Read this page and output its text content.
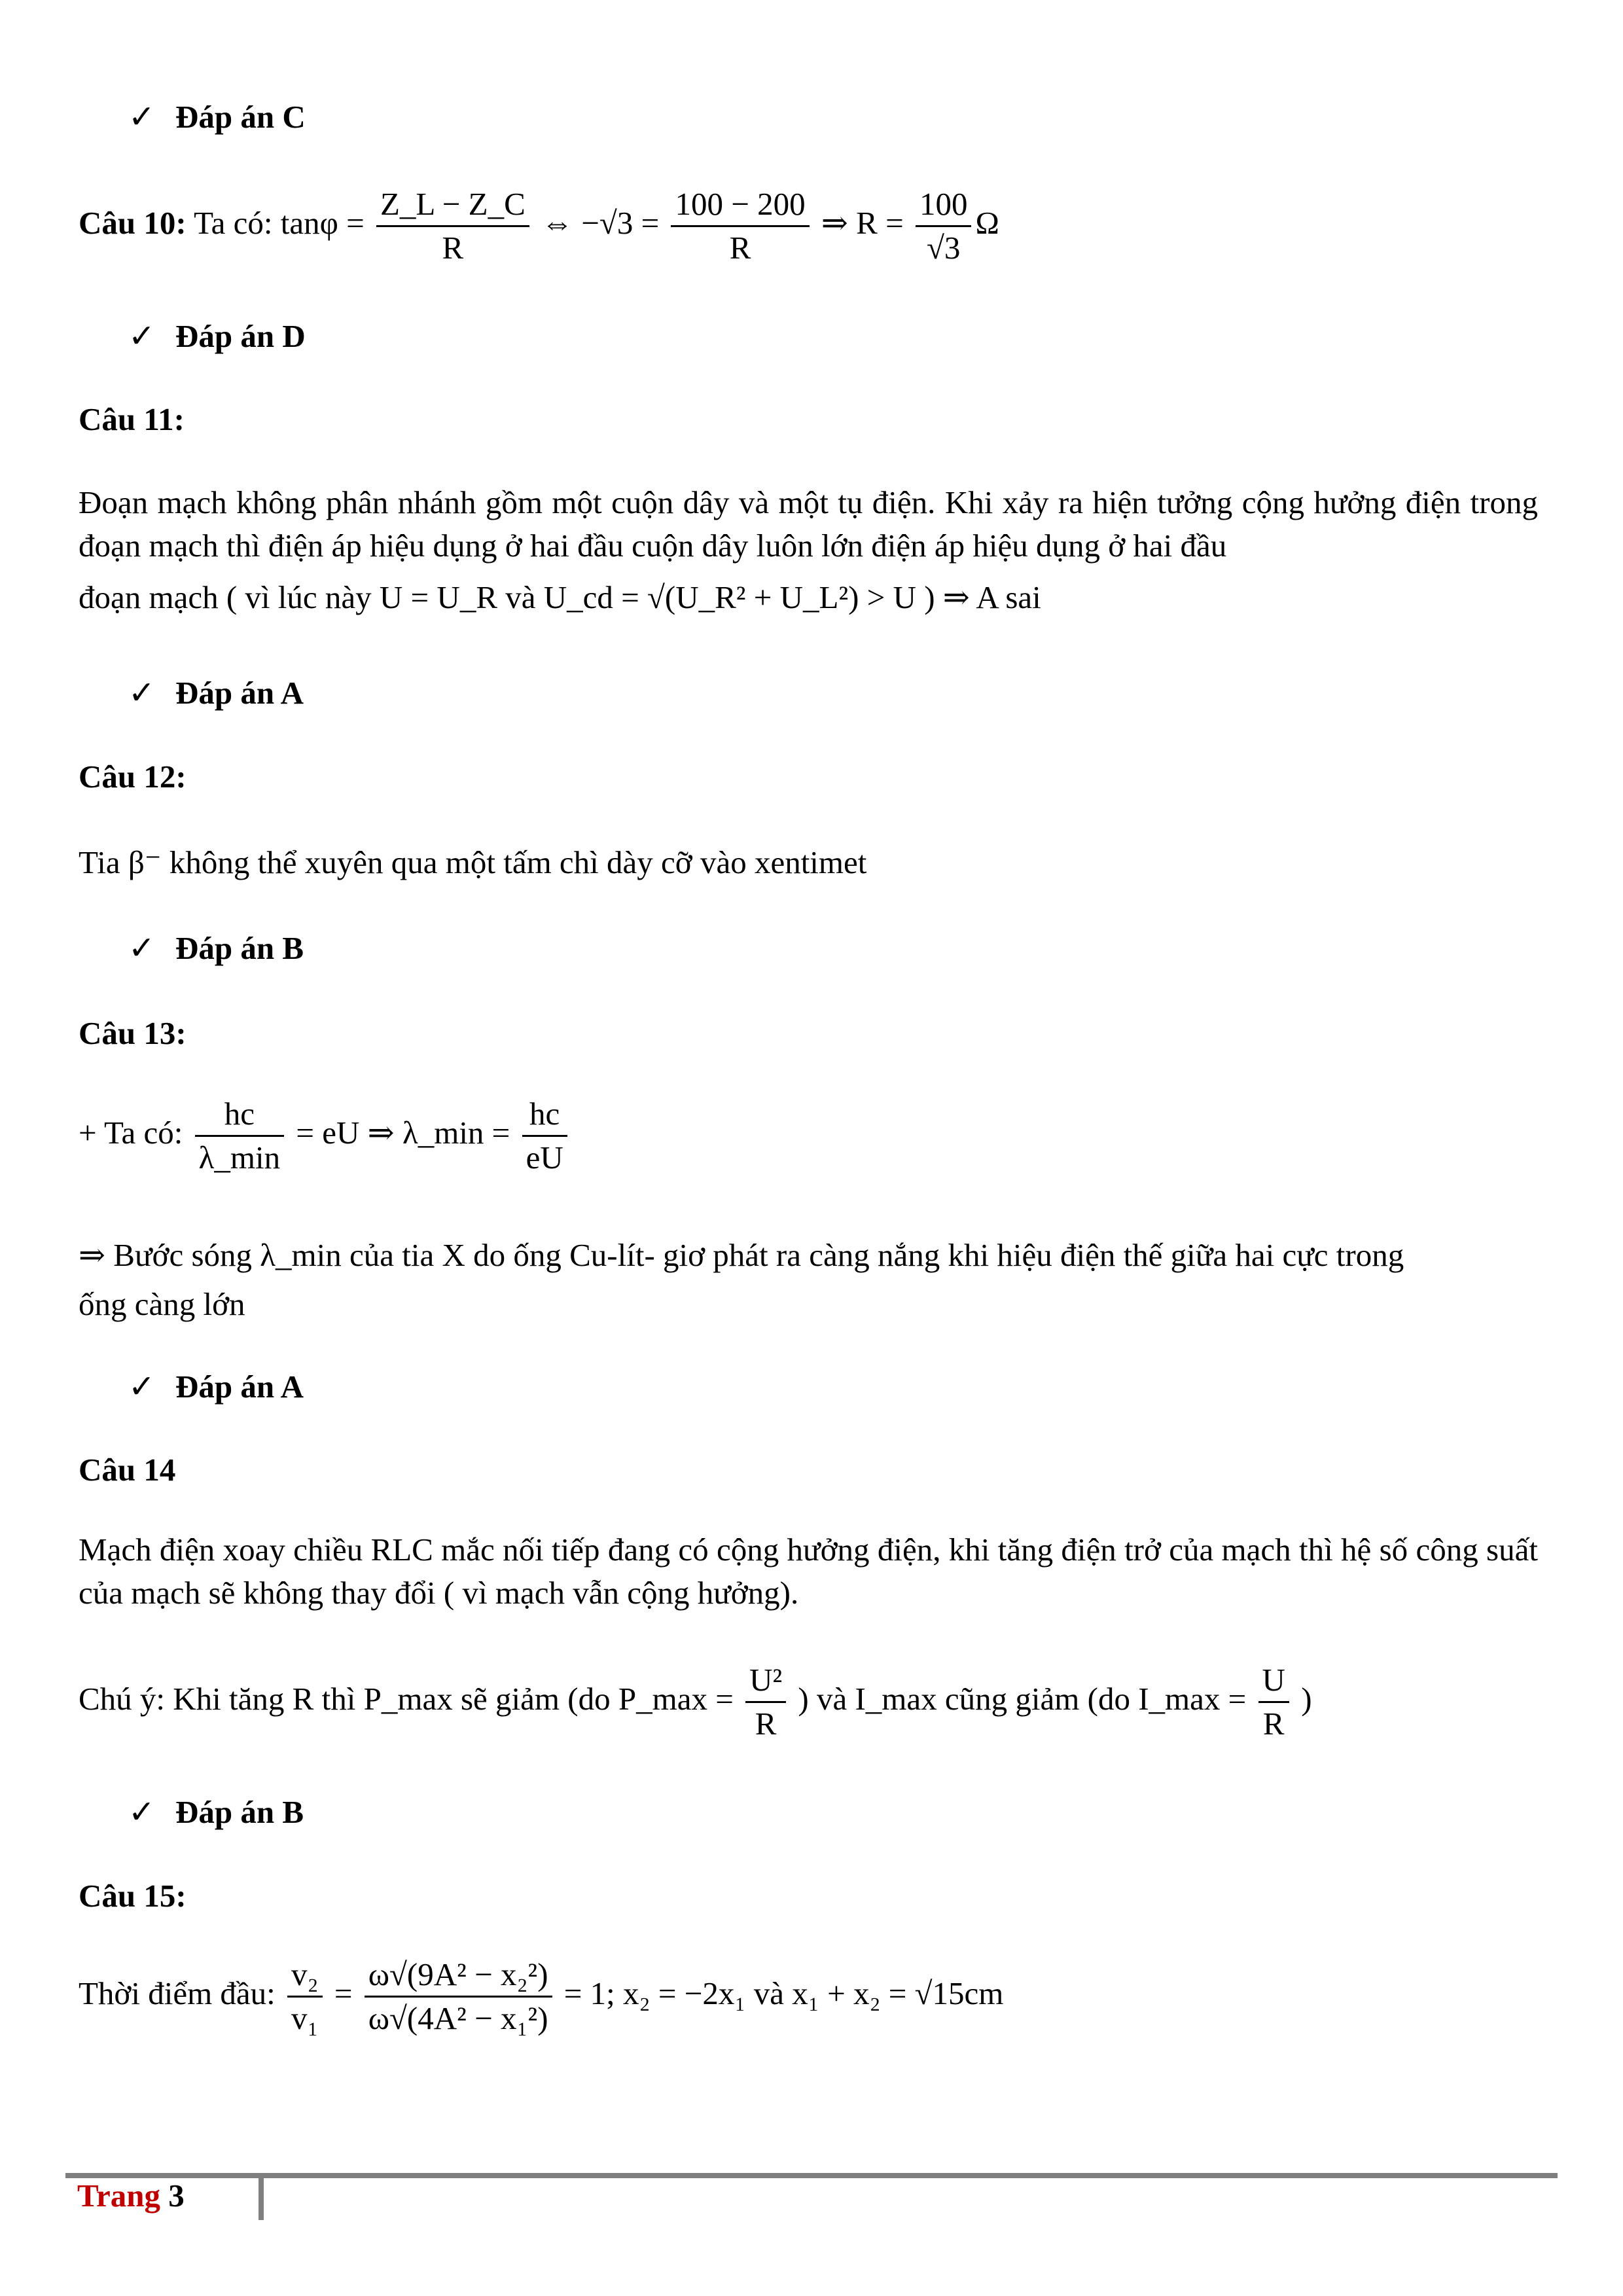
✓ Đáp án C
Câu 10: Ta có: $\tan\varphi = \frac{Z\_L - Z\_C}{R}$ ⇔ $-√3 = \frac{100 - 200}{R}$ ⇒ $R = \frac{100}{√3}$ Ω
✓ Đáp án D
Câu 11:
Đoạn mạch không phân nhánh gồm một cuộn dây và một tụ điện. Khi xảy ra hiện tưởng cộng hưởng điện trong đoạn mạch thì điện áp hiệu dụng ở hai đầu cuộn dây luôn lớn điện áp hiệu dụng ở hai đầu
đoạn mạch ( vì lúc này U = U_R và U_cd = √(U_R² + U_L²) > U ) ⇒ A sai
✓ Đáp án A
Câu 12:
Tia β⁻ không thể xuyên qua một tấm chì dày cỡ vào xentimet
✓ Đáp án B
Câu 13:
+ Ta có: $\frac{hc}{\lambda\_\min}$ = eU ⇒ λ_min = $\frac{hc}{eU}$
⇒ Bước sóng λ_min của tia X do ống Cu-lít- giơ phát ra càng nắng khi hiệu điện thế giữa hai cực trong
ống càng lớn
✓ Đáp án A
Câu 14
Mạch điện xoay chiều RLC mắc nối tiếp đang có cộng hưởng điện, khi tăng điện trở của mạch thì hệ số công suất của mạch sẽ không thay đổi ( vì mạch vẫn cộng hưởng).
Chú ý: Khi tăng R thì P_max sẽ giảm (do P_max = $\frac{\text{U²}}{R}$ ) và I_max cũng giảm (do I_max = $\frac{U}{R}$ )
✓ Đáp án B
Câu 15:
Thời điểm đầu: $\frac{\text{v₂}}{\text{v₁}} = \frac{\text{ω√(9A² − x₂²)}}{\text{ω√(4A² − x₁²)}} = 1$; x₂ = −2x₁ và x₁ + x₂ = √15cm
Trang 3
